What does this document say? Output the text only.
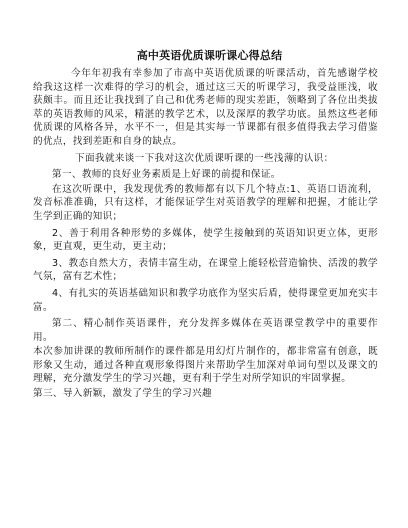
高中英语优质课听课心得总结

今年年初我有幸参加了市高中英语优质课的听课活动，首先感谢学校给我这这样一次难得的学习的机会，通过这三天的听课学习，我受益匪浅，收获颇丰。而且还让我找到了自己和优秀老师的现实差距，领略到了各位出类拔萃的英语教师的风采，精湛的教学艺术，以及深厚的教学功底。虽然这些老师优质课的风格各异，水平不一，但是其实每一节课都有很多值得我去学习借鉴的优点，找到差距和自身的缺点。

下面我就来谈一下我对这次优质课听课的一些浅薄的认识：

第一、教师的良好业务素质是上好课的前提和保证。

在这次听课中，我发现优秀的教师都有以下几个特点:1、英语口语流利，发音标准准确，只有这样，才能保证学生对英语教学的理解和把握，才能让学生学到正确的知识；

2、善于利用各种形势的多媒体，使学生接触到的英语知识更立体，更形象，更直观，更生动，更主动；

3、教态自然大方，表情丰富生动，在课堂上能轻松营造愉快、活泼的教学气氛，富有艺术性；

4、有扎实的英语基础知识和教学功底作为坚实后盾，使得课堂更加充实丰富。

第二、精心制作英语课件，充分发挥多媒体在英语课堂教学中的重要作用。

本次参加讲课的教师所制作的课件都是用幻灯片制作的，都非常富有创意，既形象又生动，通过各种直观形象得图片来帮助学生加深对单词句型以及课文的理解，充分激发学生的学习兴趣，更有利于学生对所学知识的牢固掌握。

第三、导入新颖，激发了学生的学习兴趣
